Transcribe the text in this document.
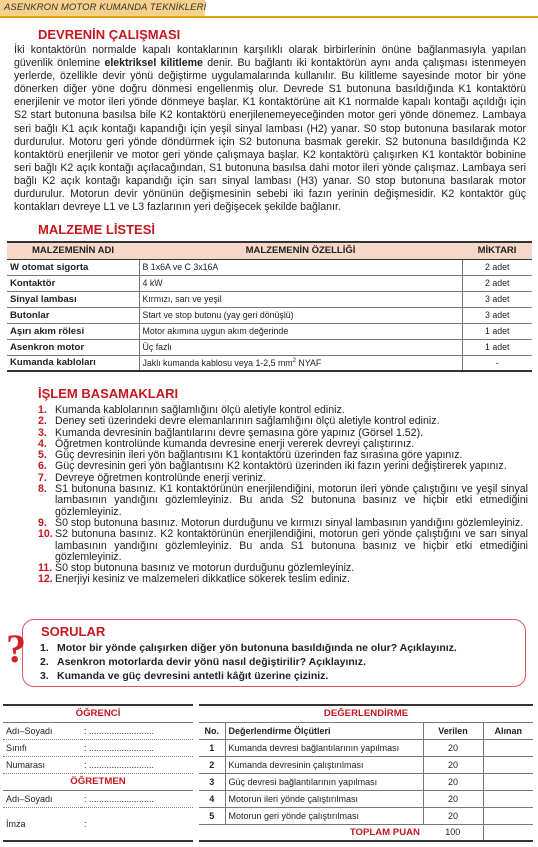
ASENKRON MOTOR KUMANDA TEKNİKLERİ
DEVRENİN ÇALIŞMASI

İki kontaktörün normalde kapalı kontaklarının karşılıklı olarak birbirlerinin önüne bağlanmasıyla yapılan güvenlik önlemine elektriksel kilitleme denir. Bu bağlantı iki kontaktörün aynı anda çalışması istenmeyen yerlerde, özellikle devir yönü değiştirme uygulamalarında kullanılır. Bu kilitleme sayesinde motor bir yöne dönerken diğer yöne doğru dönmesi engellenmiş olur. Devrede S1 butonuna basıldığında K1 kontaktörü enerjilenir ve motor ileri yönde dönmeye başlar. K1 kontaktörüne ait K1 normalde kapalı kontağı açıldığı için S2 start butonuna basılsa bile K2 kontaktörü enerjilenemeyeceğinden motor geri yönde dönemez. Lambaya seri bağlı K1 açık kontağı kapandığı için yeşil sinyal lambası (H2) yanar. S0 stop butonuna basılarak motor durdurulur. Motoru geri yönde döndürmek için S2 butonuna basmak gerekir. S2 butonuna basıldığında K2 kontaktörü enerjilenir ve motor geri yönde çalışmaya başlar. K2 kontaktörü çalışırken K1 kontaktör bobinine seri bağlı K2 açık kontağı açılacağından, S1 butonuna basılsa dahi motor ileri yönde çalışmaz. Lambaya seri bağlı K2 açık kontağı kapandığı için sarı sinyal lambası (H3) yanar. S0 stop butonuna basılarak motor durdurulur. Motorun devir yönünün değişmesinin sebebi iki fazın yerinin değişmesidir. K2 kontaktör güç kontakları devreye L1 ve L3 fazlarının yeri değişecek şekilde bağlanır.

MALZEME LİSTESİ
MALZEMENİN ADI	MALZEMENİN ÖZELLİĞİ	MİKTARI
W otomat sigorta	B 1x6A ve C 3x16A	2 adet
Kontaktör	4 kW	2 adet
Sinyal lambası	Kırmızı, sarı ve yeşil	3 adet
Butonlar	Start ve stop butonu (yay geri dönüşlü)	3 adet
Aşırı akım rölesi	Motor akımına uygun akım değerinde	1 adet
Asenkron motor	Üç fazlı	1 adet
Kumanda kabloları	Jaklı kumanda kablosu veya 1-2,5 $mm^2$ NYAF	-
İŞLEM BASAMAKLARI
1. Kumanda kablolarının sağlamlığını ölçü aletiyle kontrol ediniz.
2. Deney seti üzerindeki devre elemanlarının sağlamlığını ölçü aletiyle kontrol ediniz.
3. Kumanda devresinin bağlantılarını devre şemasına göre yapınız (Görsel 1.52).
4. Öğretmen kontrolünde kumanda devresine enerji vererek devreyi çalıştırınız.
5. Güç devresinin ileri yön bağlantısını K1 kontaktörü üzerinden faz sırasına göre yapınız.
6. Güç devresinin geri yön bağlantısını K2 kontaktörü üzerinden iki fazın yerini değiştirerek yapınız.
7. Devreye öğretmen kontrolünde enerji veriniz.
8. S1 butonuna basınız. K1 kontaktörünün enerjilendiğini, motorun ileri yönde çalıştığını ve yeşil sinyal lambasının yandığını gözlemleyiniz. Bu anda S2 butonuna basınız ve hiçbir etki etmediğini gözlemleyiniz.
9. S0 stop butonuna basınız. Motorun durduğunu ve kırmızı sinyal lambasının yandığını gözlemleyiniz.
10. S2 butonuna basınız. K2 kontaktörünün enerjilendiğini, motorun geri yönde çalıştığını ve sarı sinyal lambasının yandığını gözlemleyiniz. Bu anda S1 butonuna basınız ve hiçbir etki etmediğini gözlemleyiniz.
11. S0 stop butonuna basınız ve motorun durduğunu gözlemleyiniz.
12. Enerjiyi kesiniz ve malzemeleri dikkatlice sökerek teslim ediniz.
? SORULAR
1. Motor bir yönde çalışırken diğer yön butonuna basıldığında ne olur? Açıklayınız.
2. Asenkron motorlarda devir yönü nasıl değiştirilir? Açıklayınız.
3. Kumanda ve güç devresini antetli kâğıt üzerine çiziniz.
ÖĞRENCİ			DEĞERLENDİRME			
Adı–Soyadı	: ..........................		No.	Değerlendirme Ölçütleri	Verilen	Alınan
Sınıfı	: ..........................		1	Kumanda devresi bağlantılarının yapılması	20	
Numarası	: ..........................		2	Kumanda devresinin çalıştırılması	20	
ÖĞRETMEN			3	Güç devresi bağlantılarının yapılması	20	
Adı–Soyadı	: ..........................		4	Motorun ileri yönde çalıştırılması	20	
İmza	:		5	Motorun geri yönde çalıştırılması	20	
			TOPLAM PUAN		100	
